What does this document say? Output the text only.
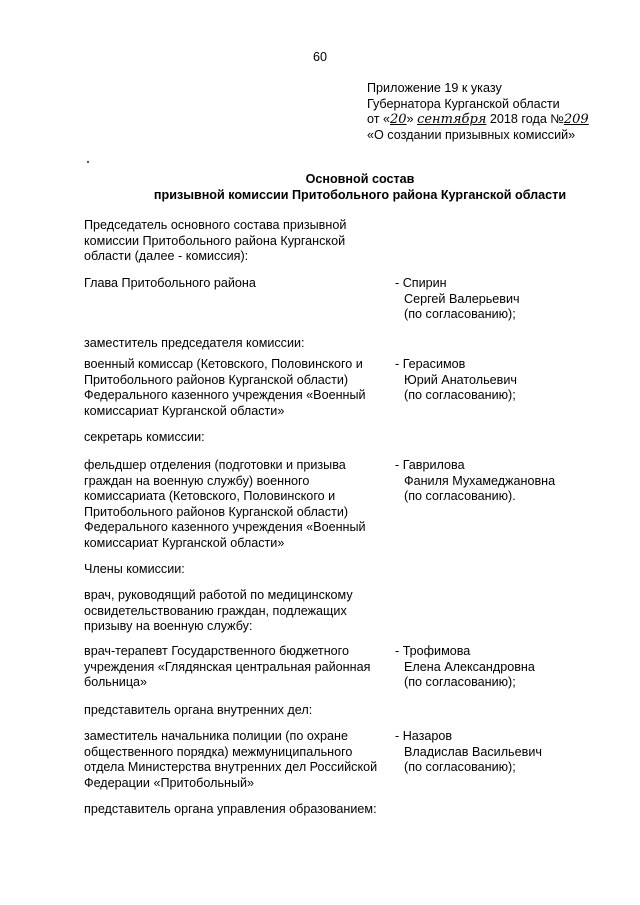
60
Приложение 19 к указу
Губернатора Курганской области
от «20» сентября 2018 года №209
«О создании призывных комиссий»
Основной состав
призывной комиссии Притобольного района Курганской области
Председатель основного состава призывной
комиссии Притобольного района Курганской
области (далее - комиссия):
Глава Притобольного района	- Спирин
Сергей Валерьевич
(по согласованию);
заместитель председателя комиссии:
военный комиссар (Кетовского, Половинского и
Притобольного районов Курганской области)
Федерального казенного учреждения «Военный
комиссариат Курганской области»
- Герасимов
Юрий Анатольевич
(по согласованию);
секретарь комиссии:
фельдшер отделения (подготовки и призыва
граждан на военную службу) военного
комиссариата (Кетовского, Половинского и
Притобольного районов Курганской области)
Федерального казенного учреждения «Военный
комиссариат Курганской области»
- Гаврилова
Фаниля Мухамеджановна
(по согласованию).
Члены комиссии:
врач, руководящий работой по медицинскому
освидетельствованию граждан, подлежащих
призыву на военную службу:
врач-терапевт Государственного бюджетного
учреждения «Глядянская центральная районная
больница»
- Трофимова
Елена Александровна
(по согласованию);
представитель органа внутренних дел:
заместитель начальника полиции (по охране
общественного порядка) межмуниципального
отдела Министерства внутренних дел Российской
Федерации «Притобольный»
- Назаров
Владислав Васильевич
(по согласованию);
представитель органа управления образованием:
